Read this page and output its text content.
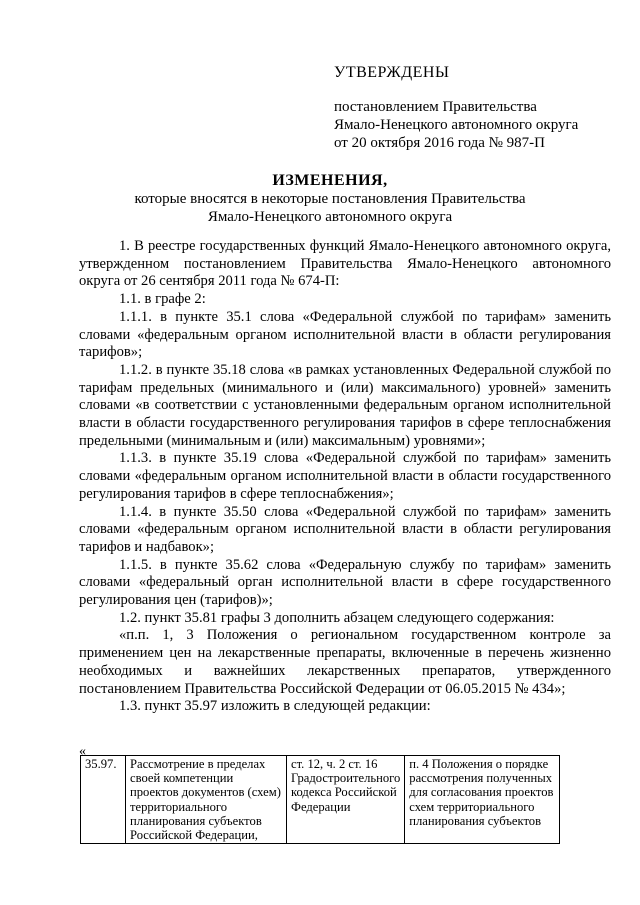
УТВЕРЖДЕНЫ
постановлением Правительства
Ямало-Ненецкого автономного округа
от 20 октября 2016 года № 987-П
ИЗМЕНЕНИЯ,
которые вносятся в некоторые постановления Правительства
Ямало-Ненецкого автономного округа

1. В реестре государственных функций Ямало-Ненецкого автономного округа, утвержденном постановлением Правительства Ямало-Ненецкого автономного округа от 26 сентября 2011 года № 674-П:

1.1. в графе 2:

1.1.1. в пункте 35.1 слова «Федеральной службой по тарифам» заменить словами «федеральным органом исполнительной власти в области регулирования тарифов»;

1.1.2. в пункте 35.18 слова «в рамках установленных Федеральной службой по тарифам предельных (минимального и (или) максимального) уровней» заменить словами «в соответствии с установленными федеральным органом исполнительной власти в области государственного регулирования тарифов в сфере теплоснабжения предельными (минимальным и (или) максимальным) уровнями»;

1.1.3. в пункте 35.19 слова «Федеральной службой по тарифам» заменить словами «федеральным органом исполнительной власти в области государственного регулирования тарифов в сфере теплоснабжения»;

1.1.4. в пункте 35.50 слова «Федеральной службой по тарифам» заменить словами «федеральным органом исполнительной власти в области регулирования тарифов и надбавок»;

1.1.5. в пункте 35.62 слова «Федеральную службу по тарифам» заменить словами «федеральный орган исполнительной власти в сфере государственного регулирования цен (тарифов)»;

1.2. пункт 35.81 графы 3 дополнить абзацем следующего содержания:

«п.п. 1, 3 Положения о региональном государственном контроле за применением цен на лекарственные препараты, включенные в перечень жизненно необходимых и важнейших лекарственных препаратов, утвержденного постановлением Правительства Российской Федерации от 06.05.2015 № 434»;

1.3. пункт 35.97 изложить в следующей редакции:

«
35.97.	Рассмотрение в пределах своей компетенции проектов документов (схем) территориального планирования субъектов Российской Федерации,	ст. 12, ч. 2 ст. 16 Градостроительного кодекса Российской Федерации	п. 4 Положения о порядке рассмотрения полученных для согласования проектов схем территориального планирования субъектов
